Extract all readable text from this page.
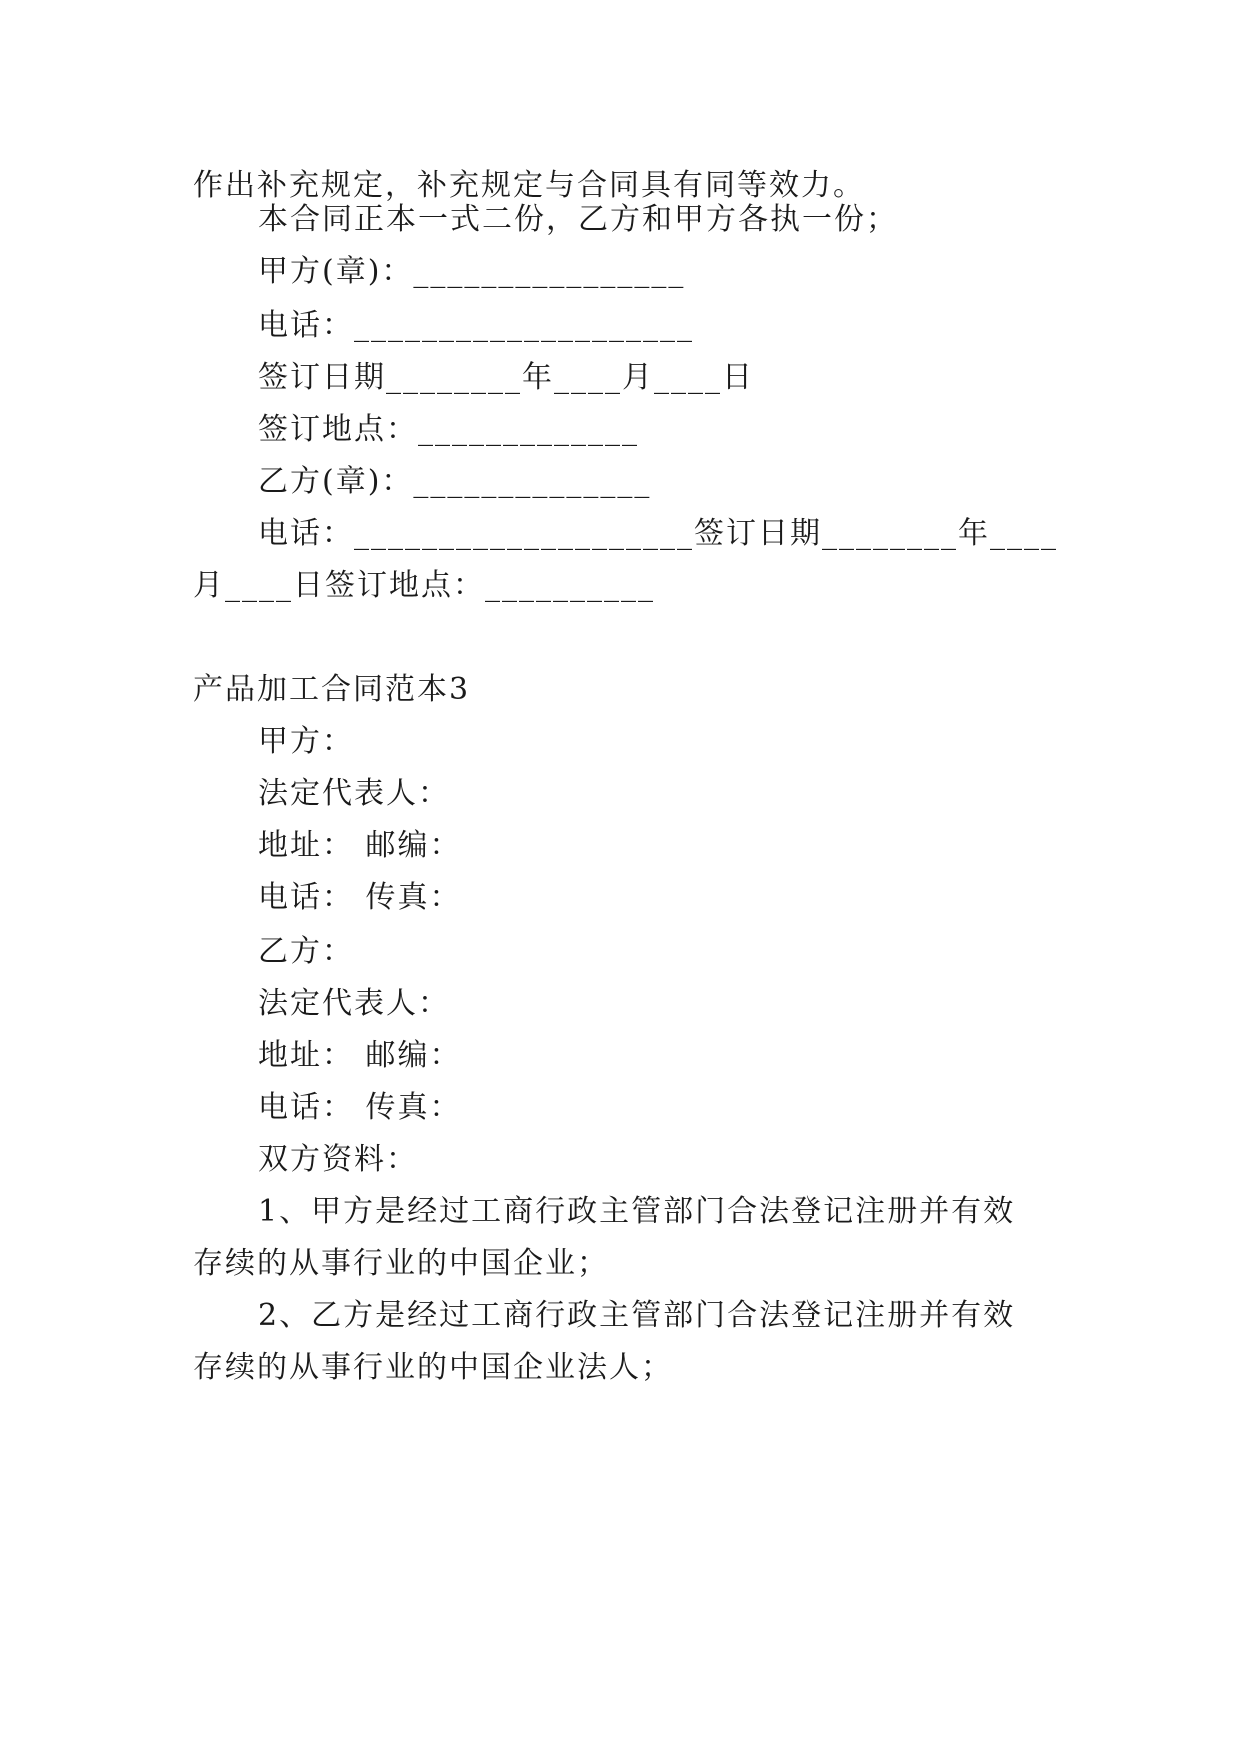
作出补充规定，补充规定与合同具有同等效力。
本合同正本一式二份，乙方和甲方各执一份；
甲方(章)：________________
电话：____________________
签订日期________年____月____日
签订地点：_____________
乙方(章)：______________
电话：____________________签订日期________年____
月____日签订地点：__________
产品加工合同范本3
甲方：
法定代表人：
地址： 邮编：
电话： 传真：
乙方：
法定代表人：
地址： 邮编：
电话： 传真：
双方资料：
1、甲方是经过工商行政主管部门合法登记注册并有效
存续的从事行业的中国企业；
2、乙方是经过工商行政主管部门合法登记注册并有效
存续的从事行业的中国企业法人；
